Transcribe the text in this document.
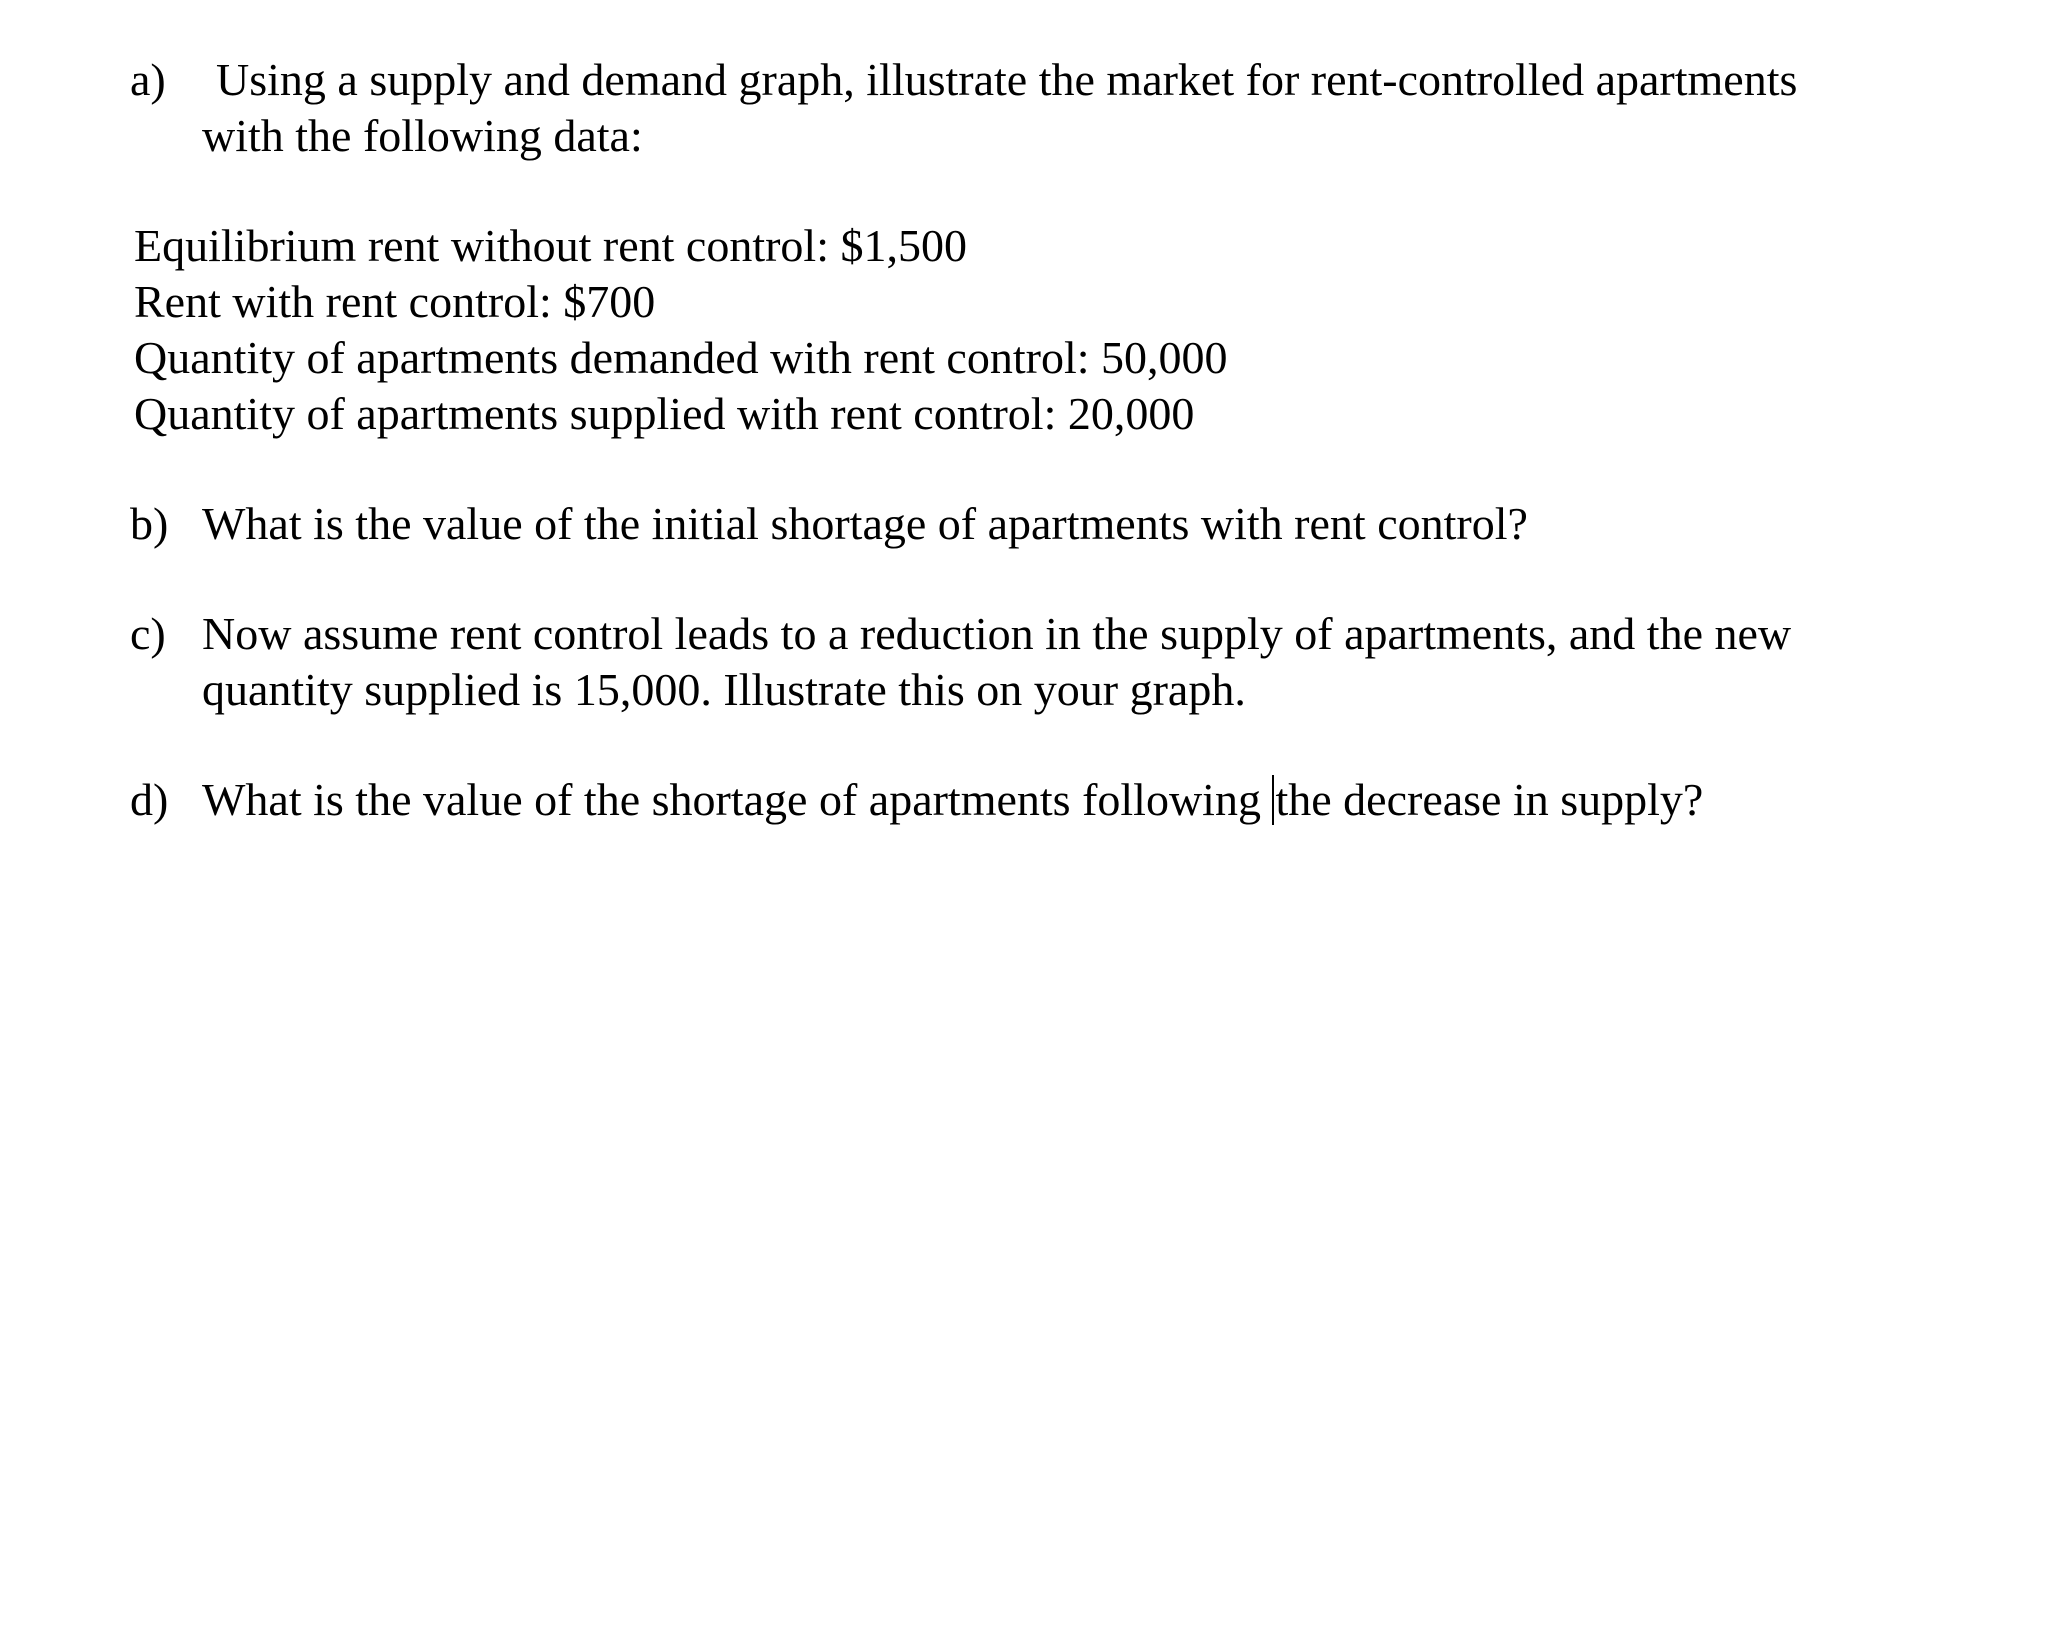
a) Using a supply and demand graph, illustrate the market for rent-controlled apartments
with the following data:
Equilibrium rent without rent control: $1,500
Rent with rent control: $700
Quantity of apartments demanded with rent control: 50,000
Quantity of apartments supplied with rent control: 20,000
b) What is the value of the initial shortage of apartments with rent control?
c) Now assume rent control leads to a reduction in the supply of apartments, and the new
quantity supplied is 15,000. Illustrate this on your graph.
d) What is the value of the shortage of apartments following the decrease in supply?
